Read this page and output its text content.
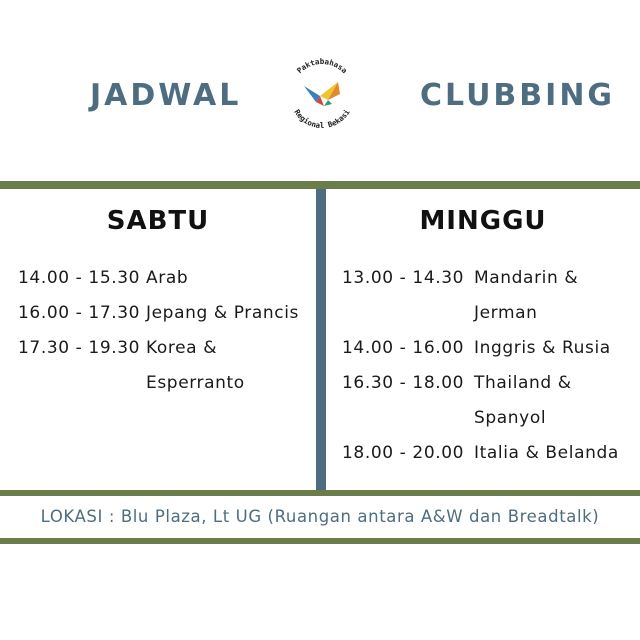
JADWAL
Paktabahasa
Regional Bekasi CLUBBING
SABTU
14.00 - 15.30 Arab
16.00 - 17.30 Jepang & Prancis
17.30 - 19.30 Korea &
Esperranto
MINGGU
13.00 - 14.30 Mandarin &
Jerman
14.00 - 16.00 Inggris & Rusia
16.30 - 18.00 Thailand &
Spanyol
18.00 - 20.00 Italia & Belanda
LOKASI : Blu Plaza, Lt UG (Ruangan antara A&W dan Breadtalk)
